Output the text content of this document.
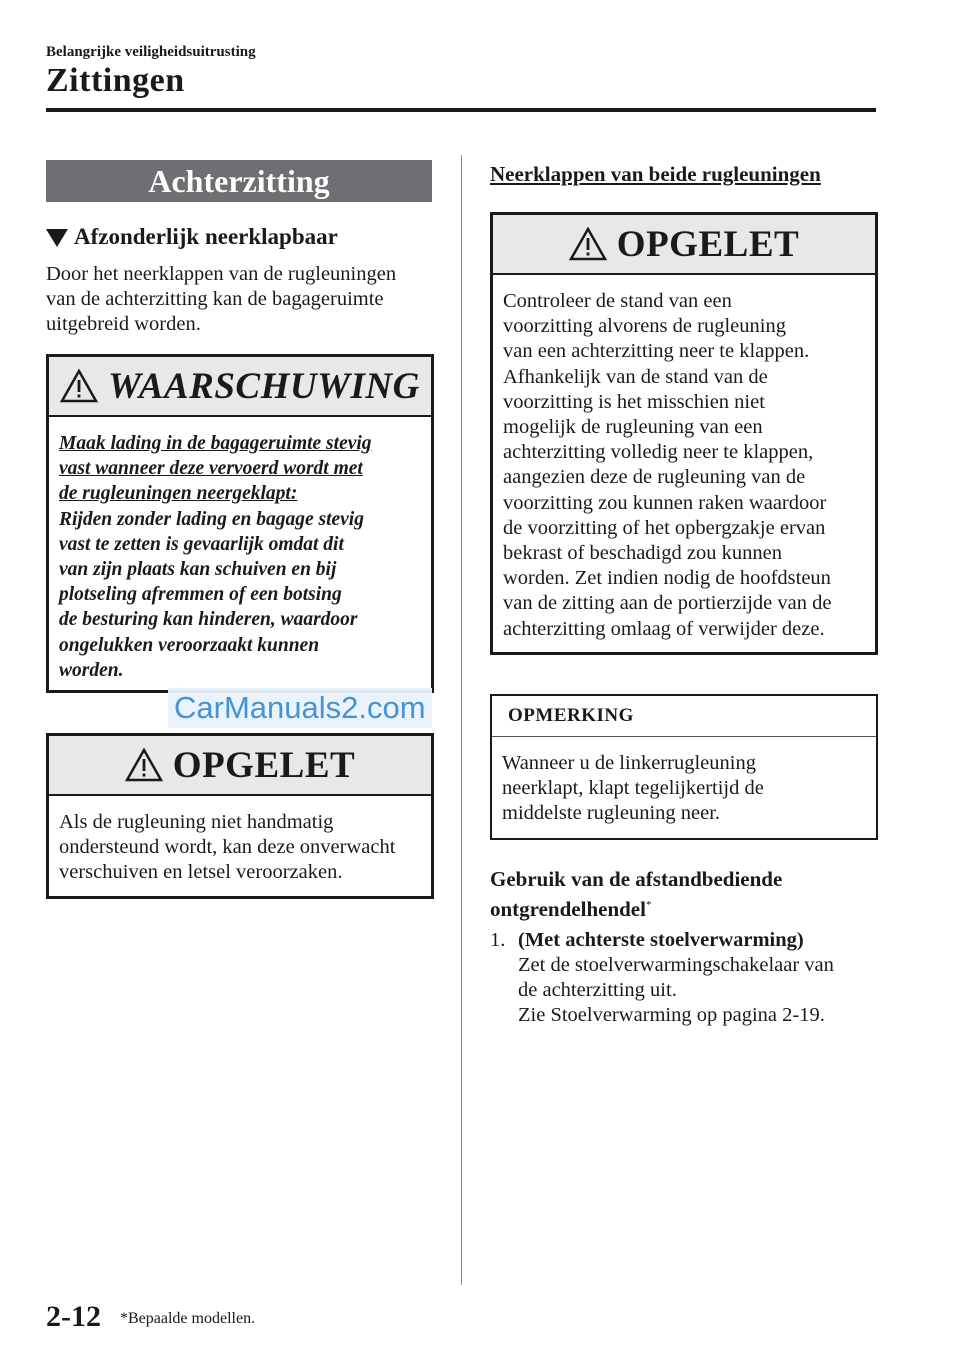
Belangrijke veiligheidsuitrusting
Zittingen
Achterzitting
Afzonderlijk neerklapbaar
Door het neerklappen van de rugleuningen
van de achterzitting kan de bagageruimte
uitgebreid worden.
WAARSCHUWING
Maak lading in de bagageruimte stevig
vast wanneer deze vervoerd wordt met
de rugleuningen neergeklapt:
Rijden zonder lading en bagage stevig
vast te zetten is gevaarlijk omdat dit
van zijn plaats kan schuiven en bij
plotseling afremmen of een botsing
de besturing kan hinderen, waardoor
ongelukken veroorzaakt kunnen
worden.
CarManuals2.com
OPGELET
Als de rugleuning niet handmatig
ondersteund wordt, kan deze onverwacht
verschuiven en letsel veroorzaken.
Neerklappen van beide rugleuningen
OPGELET
Controleer de stand van een
voorzitting alvorens de rugleuning
van een achterzitting neer te klappen.
Afhankelijk van de stand van de
voorzitting is het misschien niet
mogelijk de rugleuning van een
achterzitting volledig neer te klappen,
aangezien deze de rugleuning van de
voorzitting zou kunnen raken waardoor
de voorzitting of het opbergzakje ervan
bekrast of beschadigd zou kunnen
worden. Zet indien nodig de hoofdsteun
van de zitting aan de portierzijde van de
achterzitting omlaag of verwijder deze.
OPMERKING
Wanneer u de linkerrugleuning
neerklapt, klapt tegelijkertijd de
middelste rugleuning neer.
Gebruik van de afstandbediende
ontgrendelhendel*
1. (Met achterste stoelverwarming)
Zet de stoelverwarmingschakelaar van
de achterzitting uit.
Zie Stoelverwarming op pagina 2-19.
2-12 *Bepaalde modellen.
